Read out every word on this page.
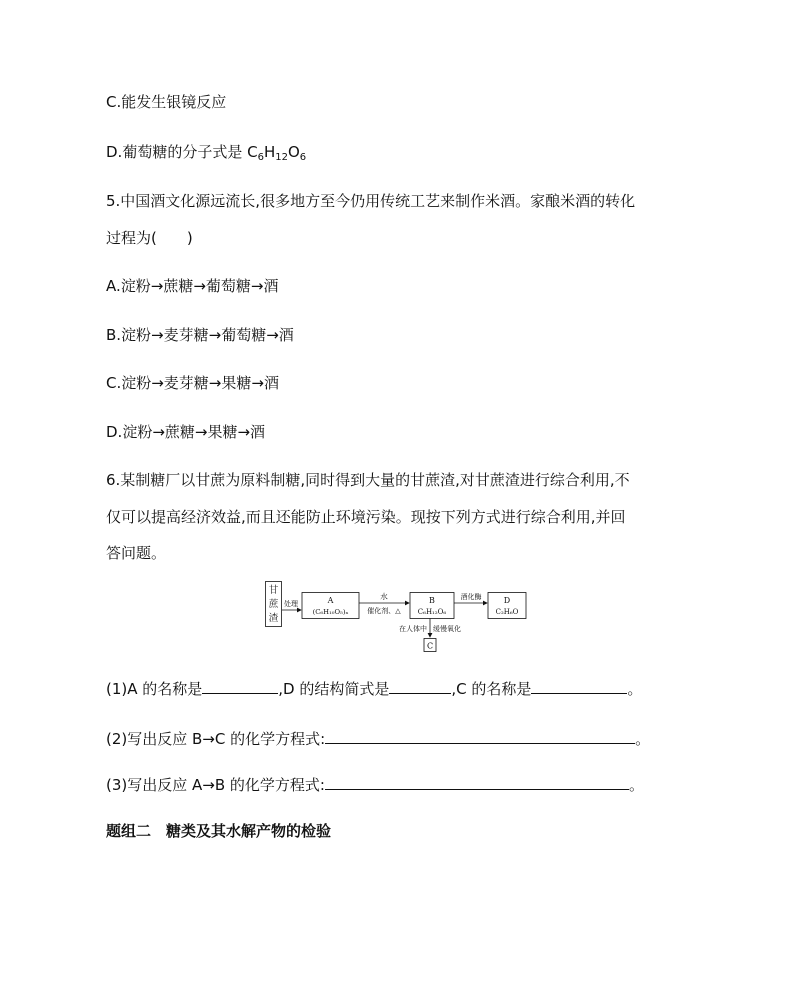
C.能发生银镜反应
D.葡萄糖的分子式是 $C_6H_{12}O_6$
5.中国酒文化源远流长,很多地方至今仍用传统工艺来制作米酒。家酿米酒的转化
过程为(　　)
A.淀粉→蔗糖→葡萄糖→酒
B.淀粉→麦芽糖→葡萄糖→酒
C.淀粉→麦芽糖→果糖→酒
D.淀粉→蔗糖→果糖→酒
6.某制糖厂以甘蔗为原料制糖,同时得到大量的甘蔗渣,对甘蔗渣进行综合利用,不
仅可以提高经济效益,而且还能防止环境污染。现按下列方式进行综合利用,并回
答问题。
甘
蔗
渣
处理	A
(C₆H₁₀O₅)ₙ
水
催化剂、△
B
C₆H₁₂O₆
酒化酶	D
C₂H₆O
在人体中 缓慢氧化
C
(1)A 的名称是	,D 的结构简式是	,C 的名称是	。
(2)写出反应 B→C 的化学方程式:	。
(3)写出反应 A→B 的化学方程式:	。
题组二　糖类及其水解产物的检验
